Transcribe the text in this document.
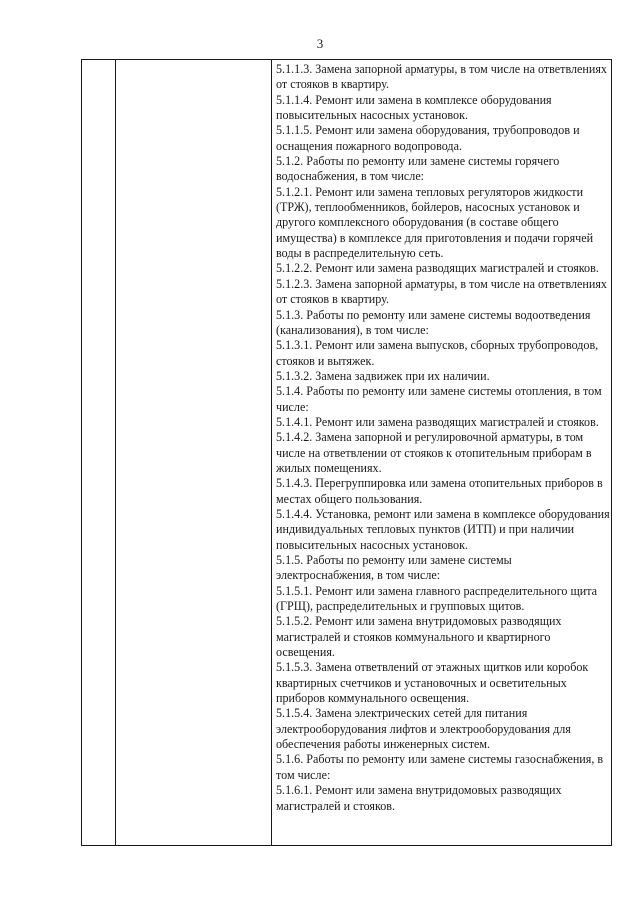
3

5.1.1.3. Замена запорной арматуры, в том числе на ответвлениях от стояков в квартиру.

5.1.1.4. Ремонт или замена в комплексе оборудования повысительных насосных установок.

5.1.1.5. Ремонт или замена оборудования, трубопроводов и оснащения пожарного водопровода.

5.1.2. Работы по ремонту или замене системы горячего водоснабжения, в том числе:

5.1.2.1. Ремонт или замена тепловых регуляторов жидкости (ТРЖ), теплообменников, бойлеров, насосных установок и другого комплексного оборудования (в составе общего имущества) в комплексе для приготовления и подачи горячей воды в распределительную сеть.

5.1.2.2. Ремонт или замена разводящих магистралей и стояков.

5.1.2.3. Замена запорной арматуры, в том числе на ответвлениях от стояков в квартиру.

5.1.3. Работы по ремонту или замене системы водоотведения (канализования), в том числе:

5.1.3.1. Ремонт или замена выпусков, сборных трубопроводов, стояков и вытяжек.

5.1.3.2. Замена задвижек при их наличии.

5.1.4. Работы по ремонту или замене системы отопления, в том числе:

5.1.4.1. Ремонт или замена разводящих магистралей и стояков.

5.1.4.2. Замена запорной и регулировочной арматуры, в том числе на ответвлении от стояков к отопительным приборам в жилых помещениях.

5.1.4.3. Перегруппировка или замена отопительных приборов в местах общего пользования.

5.1.4.4. Установка, ремонт или замена в комплексе оборудования индивидуальных тепловых пунктов (ИТП) и при наличии повысительных насосных установок.

5.1.5. Работы по ремонту или замене системы электроснабжения, в том числе:

5.1.5.1. Ремонт или замена главного распределительного щита (ГРЩ), распределительных и групповых щитов.

5.1.5.2. Ремонт или замена внутридомовых разводящих магистралей и стояков коммунального и квартирного освещения.

5.1.5.3. Замена ответвлений от этажных щитков или коробок квартирных счетчиков и установочных и осветительных приборов коммунального освещения.

5.1.5.4. Замена электрических сетей для питания электрооборудования лифтов и электрооборудования для обеспечения работы инженерных систем.

5.1.6. Работы по ремонту или замене системы газоснабжения, в том числе:

5.1.6.1. Ремонт или замена внутридомовых разводящих магистралей и стояков.
